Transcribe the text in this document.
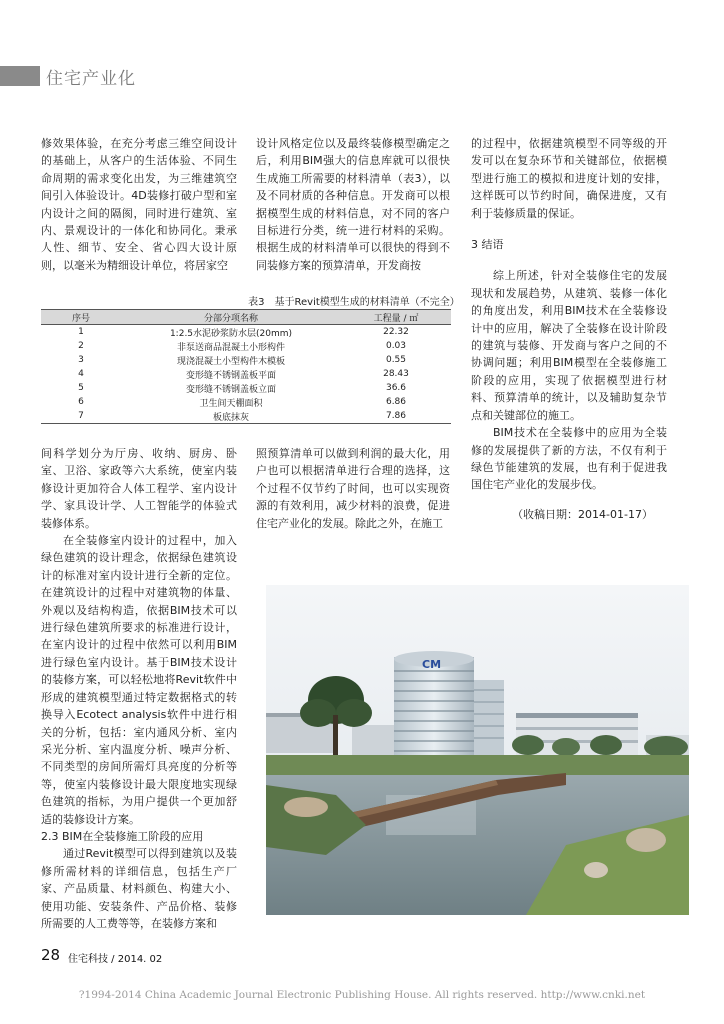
住宅产业化

修效果体验，在充分考虑三维空间设计的基础上，从客户的生活体验、不同生命周期的需求变化出发，为三维建筑空间引入体验设计。4D装修打破户型和室内设计之间的隔阂，同时进行建筑、室内、景观设计的一体化和协同化。秉承人性、细节、安全、省心四大设计原则，以毫米为精细设计单位，将居家空

设计风格定位以及最终装修模型确定之后，利用BIM强大的信息库就可以很快生成施工所需要的材料清单（表3），以及不同材质的各种信息。开发商可以根据模型生成的材料信息，对不同的客户目标进行分类，统一进行材料的采购。根据生成的材料清单可以很快的得到不同装修方案的预算清单，开发商按

的过程中，依据建筑模型不同等级的开发可以在复杂环节和关键部位，依据模型进行施工的模拟和进度计划的安排，这样既可以节约时间，确保进度，又有利于装修质量的保证。

3 结语

综上所述，针对全装修住宅的发展现状和发展趋势，从建筑、装修一体化的角度出发，利用BIM技术在全装修设计中的应用，解决了全装修在设计阶段的建筑与装修、开发商与客户之间的不协调问题；利用BIM模型在全装修施工阶段的应用，实现了依据模型进行材料、预算清单的统计，以及辅助复杂节点和关键部位的施工。

BIM技术在全装修中的应用为全装修的发展提供了新的方法，不仅有利于绿色节能建筑的发展，也有利于促进我国住宅产业化的发展步伐。

（收稿日期：2014-01-17）

表3　基于Revit模型生成的材料清单（不完全）
序号	分部分项名称	工程量 / ㎡
1	1:2.5水泥砂浆防水层(20mm)	22.32
2	非泵送商品混凝土小形构件	0.03
3	现浇混凝土小型构件木模板	0.55
4	变形缝不锈钢盖板平面	28.43
5	变形缝不锈钢盖板立面	36.6
6	卫生间天棚面积	6.86
7	板底抹灰	7.86

间科学划分为厅房、收纳、厨房、卧室、卫浴、家政等六大系统，使室内装修设计更加符合人体工程学、室内设计学、家具设计学、人工智能学的体验式装修体系。

在全装修室内设计的过程中，加入绿色建筑的设计理念，依据绿色建筑设计的标准对室内设计进行全新的定位。在建筑设计的过程中对建筑物的体量、外观以及结构构造，依据BIM技术可以进行绿色建筑所要求的标准进行设计，在室内设计的过程中依然可以利用BIM进行绿色室内设计。基于BIM技术设计的装修方案，可以轻松地将Revit软件中形成的建筑模型通过特定数据格式的转换导入Ecotect analysis软件中进行相关的分析，包括：室内通风分析、室内采光分析、室内温度分析、噪声分析、不同类型的房间所需灯具亮度的分析等等，使室内装修设计最大限度地实现绿色建筑的指标，为用户提供一个更加舒适的装修设计方案。

2.3 BIM在全装修施工阶段的应用

通过Revit模型可以得到建筑以及装修所需材料的详细信息，包括生产厂家、产品质量、材料颜色、构建大小、使用功能、安装条件、产品价格、装修所需要的人工费等等，在装修方案和

照预算清单可以做到利润的最大化，用户也可以根据清单进行合理的选择，这个过程不仅节约了时间，也可以实现资源的有效利用，减少材料的浪费，促进住宅产业化的发展。除此之外，在施工

CM
28 住宅科技 / 2014. 02
?1994-2014 China Academic Journal Electronic Publishing House. All rights reserved. http://www.cnki.net
